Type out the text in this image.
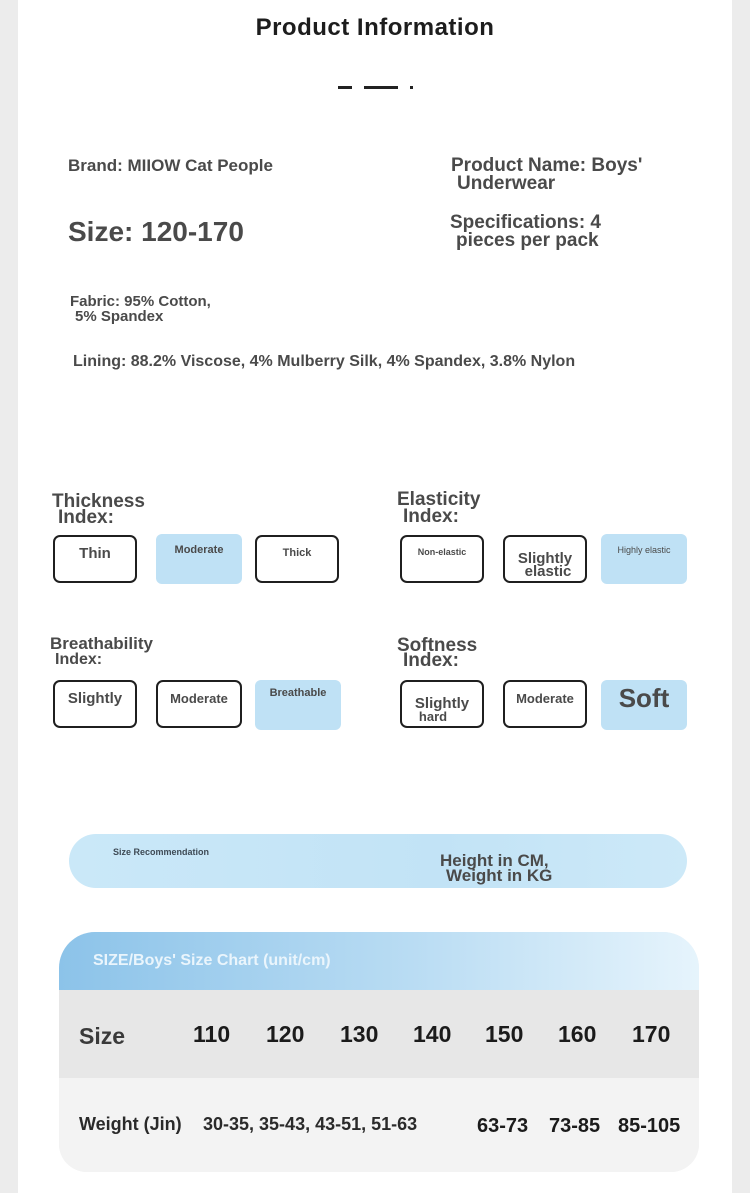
Product Information
Brand: MIIOW Cat People	Product Name: Boys'
Underwear
Size: 120-170	Specifications: 4
pieces per pack
Fabric: 95% Cotton,
5% Spandex
Lining: 88.2% Viscose, 4% Mulberry Silk, 4% Spandex, 3.8% Nylon
Thickness
Index:
Thin	Moderate	Thick
Elasticity
Index:
Non-elastic	Slightly
elastic
Highly elastic
Breathability
Index:
Slightly	Moderate	Breathable
Softness
Index:
Slightly
hard
Moderate	Soft
Size Recommendation	Height in CM,
Weight in KG
SIZE/Boys' Size Chart (unit/cm)
Size	110 120 130 140 150 160 170
Weight (Jin) 30-35, 35-43, 43-51, 51-63	63-73 73-85 85-105
